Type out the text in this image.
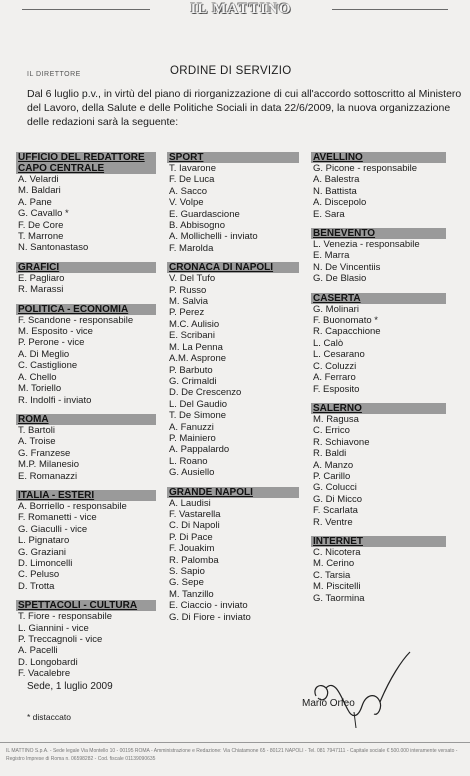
IL MATTINO
IL DIRETTORE	ORDINE DI SERVIZIO
Dal 6 luglio p.v., in virtù del piano di riorganizzazione di cui all'accordo sottoscritto al Ministero del Lavoro, della Salute e delle Politiche Sociali in data 22/6/2009, la nuova organizzazione delle redazioni sarà la seguente:
UFFICIO DEL REDATTORE CAPO CENTRALE
A. Velardi
M. Baldari
A. Pane
G. Cavallo *
F. De Core
T. Marrone
N. Santonastaso
GRAFICI
E. Pagliaro
R. Marassi
POLITICA - ECONOMIA
F. Scandone - responsabile
M. Esposito - vice
P. Perone - vice
A. Di Meglio
C. Castiglione
A. Chello
M. Toriello
R. Indolfi - inviato
ROMA
T. Bartoli
A. Troise
G. Franzese
M.P. Milanesio
E. Romanazzi
ITALIA - ESTERI
A. Borriello - responsabile
F. Romanetti - vice
G. Giaculli - vice
L. Pignataro
G. Graziani
D. Limoncelli
C. Peluso
D. Trotta
SPETTACOLI - CULTURA
T. Fiore - responsabile
L. Giannini - vice
P. Treccagnoli - vice
A. Pacelli
D. Longobardi
F. Vacalebre
SPORT
T. Iavarone
F. De Luca
A. Sacco
V. Volpe
E. Guardascione
B. Abbisogno
A. Mollichelli - inviato
F. Marolda
CRONACA DI NAPOLI
V. Del Tufo
P. Russo
M. Salvia
P. Perez
M.C. Aulisio
E. Scribani
M. La Penna
A.M. Asprone
P. Barbuto
G. Crimaldi
D. De Crescenzo
L. Del Gaudio
T. De Simone
A. Fanuzzi
P. Mainiero
A. Pappalardo
L. Roano
G. Ausiello
GRANDE NAPOLI
A. Laudisi
F. Vastarella
C. Di Napoli
P. Di Pace
F. Jouakim
R. Palomba
S. Sapio
G. Sepe
M. Tanzillo
E. Ciaccio - inviato
G. Di Fiore - inviato
AVELLINO
G. Picone - responsabile
A. Balestra
N. Battista
A. Discepolo
E. Sara
BENEVENTO
L. Venezia - responsabile
E. Marra
N. De Vincentiis
G. De Blasio
CASERTA
G. Molinari
F. Buonomato *
R. Capacchione
L. Calò
L. Cesarano
C. Coluzzi
A. Ferraro
F. Esposito
SALERNO
M. Ragusa
C. Errico
R. Schiavone
R. Baldi
A. Manzo
P. Carillo
G. Colucci
G. Di Micco
F. Scarlata
R. Ventre
INTERNET
C. Nicotera
M. Cerino
C. Tarsia
M. Piscitelli
G. Taormina
Sede, 1 luglio 2009
* distaccato
Mario Orfeo
IL MATTINO S.p.A. - Sede legale Via Montello 10 - 00195 ROMA - Amministrazione e Redazione: Via Chiatamone 65 - 80121 NAPOLI - Tel. 081 7947111 - Capitale sociale € 500.000 interamente versato - Registro Imprese di Roma n. 06598282 - Cod. fiscale 01139090635
